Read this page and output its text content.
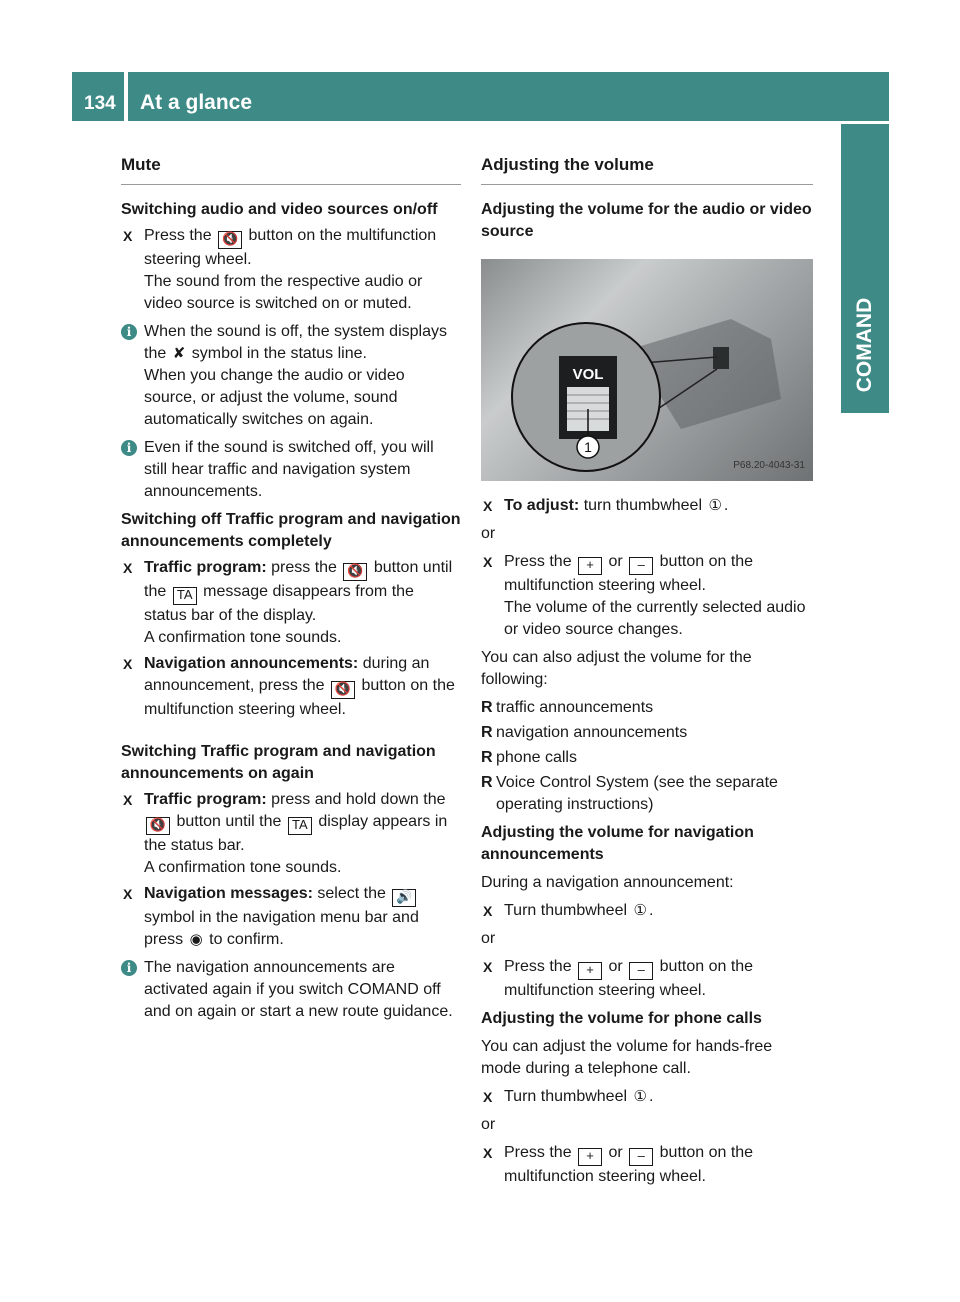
134 At a glance
COMAND
Mute
Switching audio and video sources on/off
X Press the 🔇 button on the multifunction steering wheel.
The sound from the respective audio or video source is switched on or muted.
i When the sound is off, the system displays the ✘ symbol in the status line.
When you change the audio or video source, or adjust the volume, sound automatically switches on again.
i Even if the sound is switched off, you will still hear traffic and navigation system announcements.
Switching off Traffic program and navigation announcements completely
X Traffic program: press the 🔇 button until the TA message disappears from the status bar of the display.
A confirmation tone sounds.
X Navigation announcements: during an announcement, press the 🔇 button on the multifunction steering wheel.
Switching Traffic program and navigation announcements on again
X Traffic program: press and hold down the 🔇 button until the TA display appears in the status bar.
A confirmation tone sounds.
X Navigation messages: select the 🔊 symbol in the navigation menu bar and press ◉ to confirm.
i The navigation announcements are activated again if you switch COMAND off and on again or start a new route guidance.
Adjusting the volume
Adjusting the volume for the audio or video source
VOL
1
P68.20-4043-31
X To adjust: turn thumbwheel ① .
or
X Press the + or – button on the multifunction steering wheel.
The volume of the currently selected audio or video source changes.
You can also adjust the volume for the following:
R traffic announcements
R navigation announcements
R phone calls
R Voice Control System (see the separate operating instructions)
Adjusting the volume for navigation announcements
During a navigation announcement:
X Turn thumbwheel ① .
or
X Press the + or – button on the multifunction steering wheel.
Adjusting the volume for phone calls
You can adjust the volume for hands-free mode during a telephone call.
X Turn thumbwheel ① .
or
X Press the + or – button on the multifunction steering wheel.
